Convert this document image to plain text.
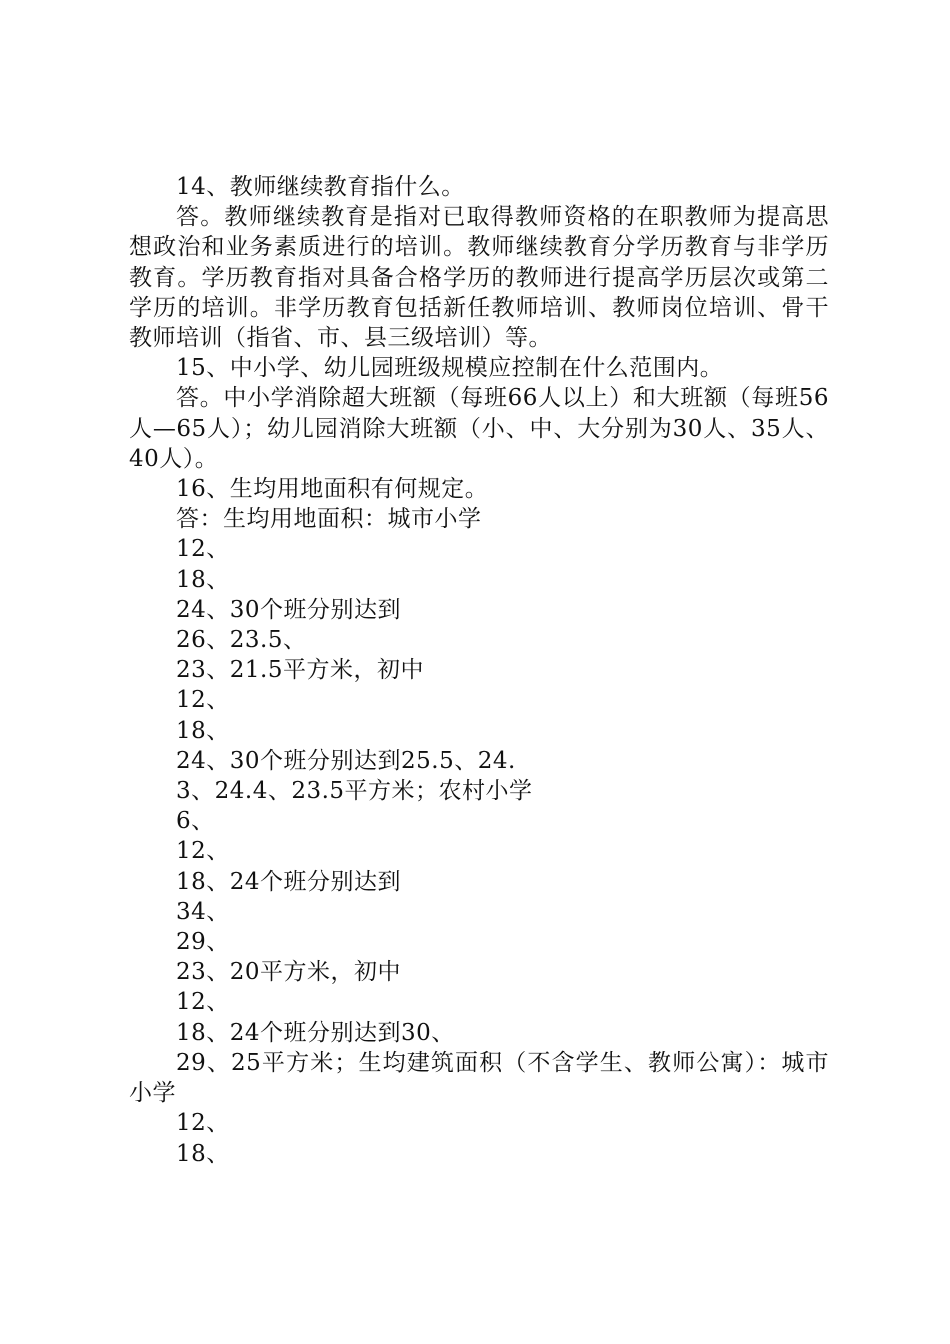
14、教师继续教育指什么。

答。教师继续教育是指对已取得教师资格的在职教师为提高思想政治和业务素质进行的培训。教师继续教育分学历教育与非学历教育。学历教育指对具备合格学历的教师进行提高学历层次或第二学历的培训。非学历教育包括新任教师培训、教师岗位培训、骨干教师培训（指省、市、县三级培训）等。

15、中小学、幼儿园班级规模应控制在什么范围内。

答。中小学消除超大班额（每班66人以上）和大班额（每班56人—65人）；幼儿园消除大班额（小、中、大分别为30人、35人、40人）。

16、生均用地面积有何规定。

答：生均用地面积：城市小学

12、

18、

24、30个班分别达到

26、23.5、

23、21.5平方米，初中

12、

18、

24、30个班分别达到25.5、24.

3、24.4、23.5平方米；农村小学

6、

12、

18、24个班分别达到

34、

29、

23、20平方米，初中

12、

18、24个班分别达到30、

29、25平方米；生均建筑面积（不含学生、教师公寓）：城市小学

12、

18、
